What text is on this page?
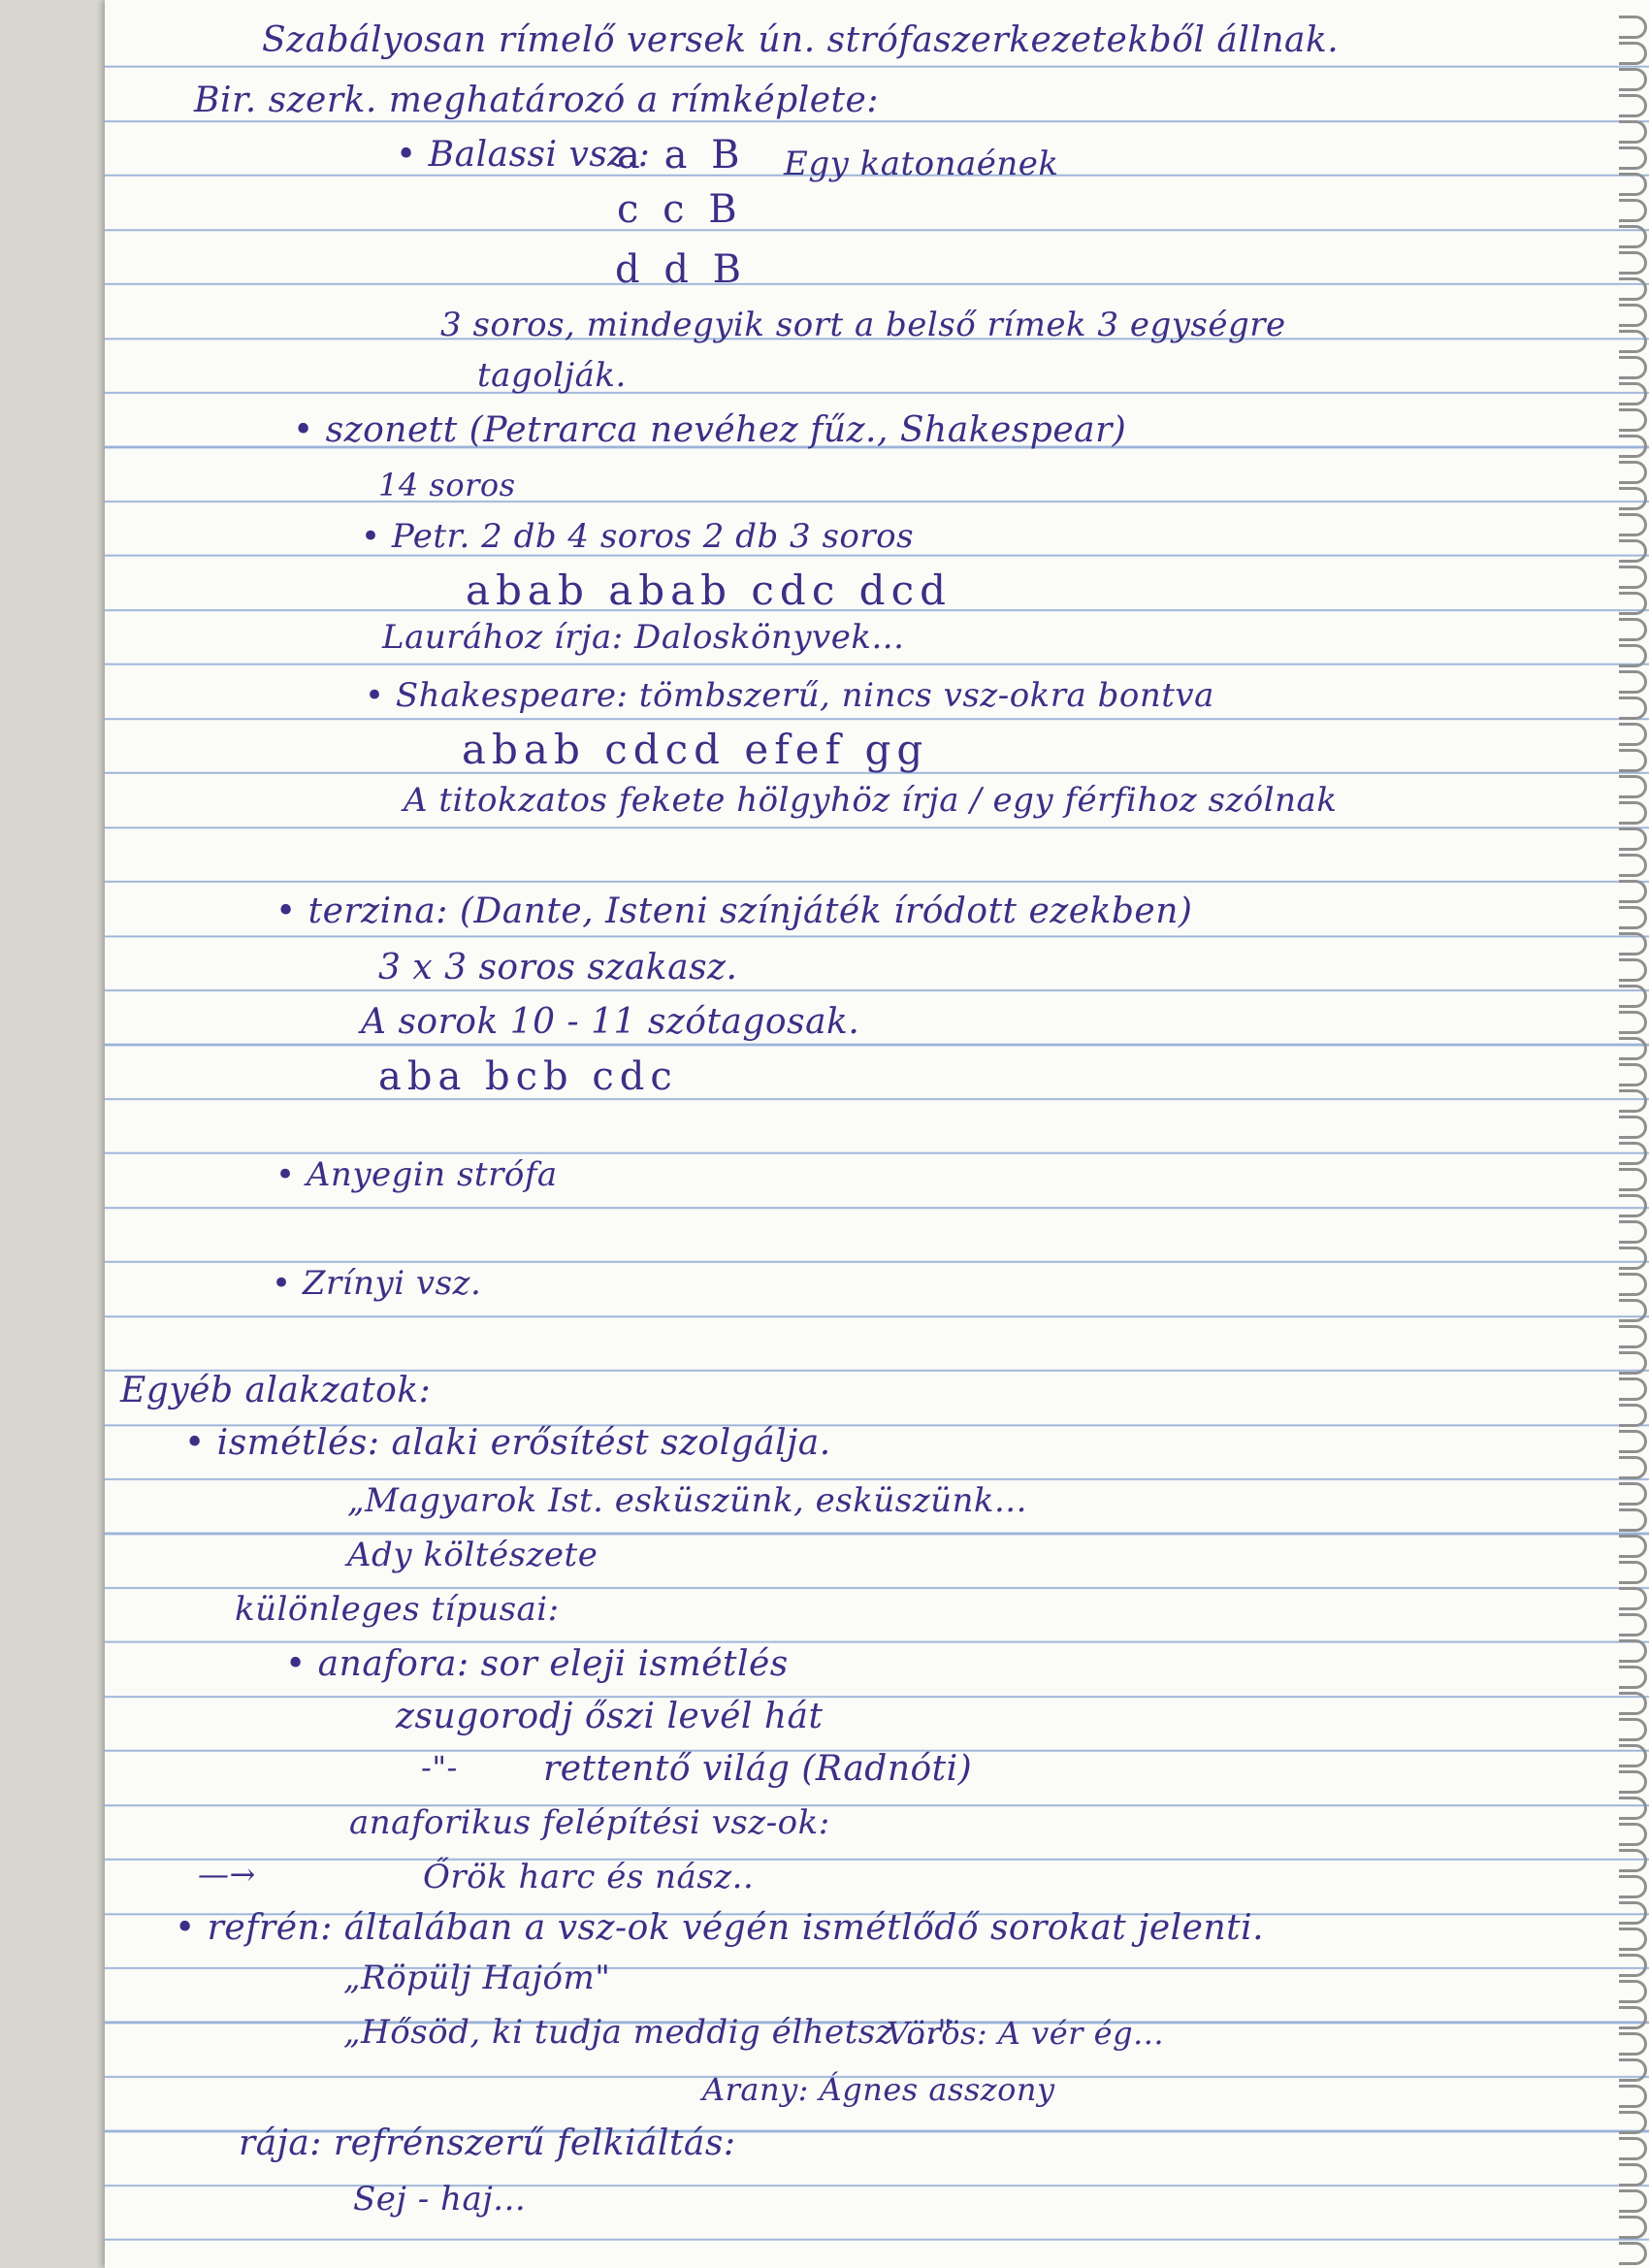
Szabályosan rímelő versek ún. strófaszerkezetekből állnak.
Bir. szerk. meghatározó a rímképlete:
• Balassi vsz.:
a a B Egy katonaének
c c B
d d B
3 soros, mindegyik sort a belső rímek 3 egységre
tagolják.
• szonett (Petrarca nevéhez fűz., Shakespear)
14 soros
• Petr. 2 db 4 soros 2 db 3 soros
abab abab cdc dcd
Laurához írja: Daloskönyvek...
• Shakespeare: tömbszerű, nincs vsz-okra bontva
abab cdcd efef gg
A titokzatos fekete hölgyhöz írja / egy férfihoz szólnak
• terzina: (Dante, Isteni színjáték íródott ezekben)
3 x 3 soros szakasz.
A sorok 10 - 11 szótagosak.
aba bcb cdc
• Anyegin strófa
• Zrínyi vsz.
Egyéb alakzatok:
• ismétlés: alaki erősítést szolgálja.
„Magyarok Ist. esküszünk, esküszünk...
Ady költészete
különleges típusai:
• anafora: sor eleji ismétlés
zsugorodj őszi levél hát
-"- rettentő világ (Radnóti)
anaforikus felépítési vsz-ok:
—→	Őrök harc és nász..
• refrén: általában a vsz-ok végén ismétlődő sorokat jelenti.
„Röpülj Hajóm"
„Hősöd, ki tudja meddig élhetsz ..."
Vörös: A vér ég...
Arany: Ágnes asszony
rája: refrénszerű felkiáltás:
Sej - haj...
